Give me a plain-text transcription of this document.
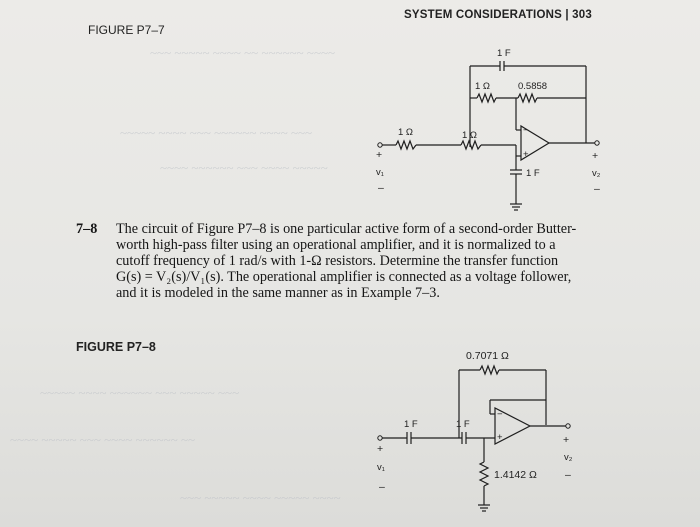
~~~ ~~~~~ ~~~~ ~~ ~~~~~~ ~~~~
~~~~~ ~~~~ ~~~ ~~~~~~ ~~~~ ~~~
~~~~ ~~~~~~ ~~~ ~~~~ ~~~~~
~~~~~ ~~~~ ~~~~~~ ~~~ ~~~~~ ~~~
~~~~ ~~~~~ ~~~ ~~~~ ~~~~~~ ~~
~~~ ~~~~~ ~~~~ ~~~~~ ~~~~
SYSTEM CONSIDERATIONS | 303
FIGURE P7–7
1 F
1 Ω	0.5858
−
+	+
v₂
–
1 Ω	1 Ω
1 F
+
v₁
–
7–8 The circuit of Figure P7–8 is one particular active form of a second-order Butter-
worth high-pass filter using an operational amplifier, and it is normalized to a
cutoff frequency of 1 rad/s with 1-Ω resistors. Determine the transfer function
G(s) = V₂(s)/V₁(s). The operational amplifier is connected as a voltage follower,
and it is modeled in the same manner as in Example 7–3.
FIGURE P7–8
0.7071 Ω
−
+	+
v₂
–
1 F	1 F
1.4142 Ω
+
v₁
–
